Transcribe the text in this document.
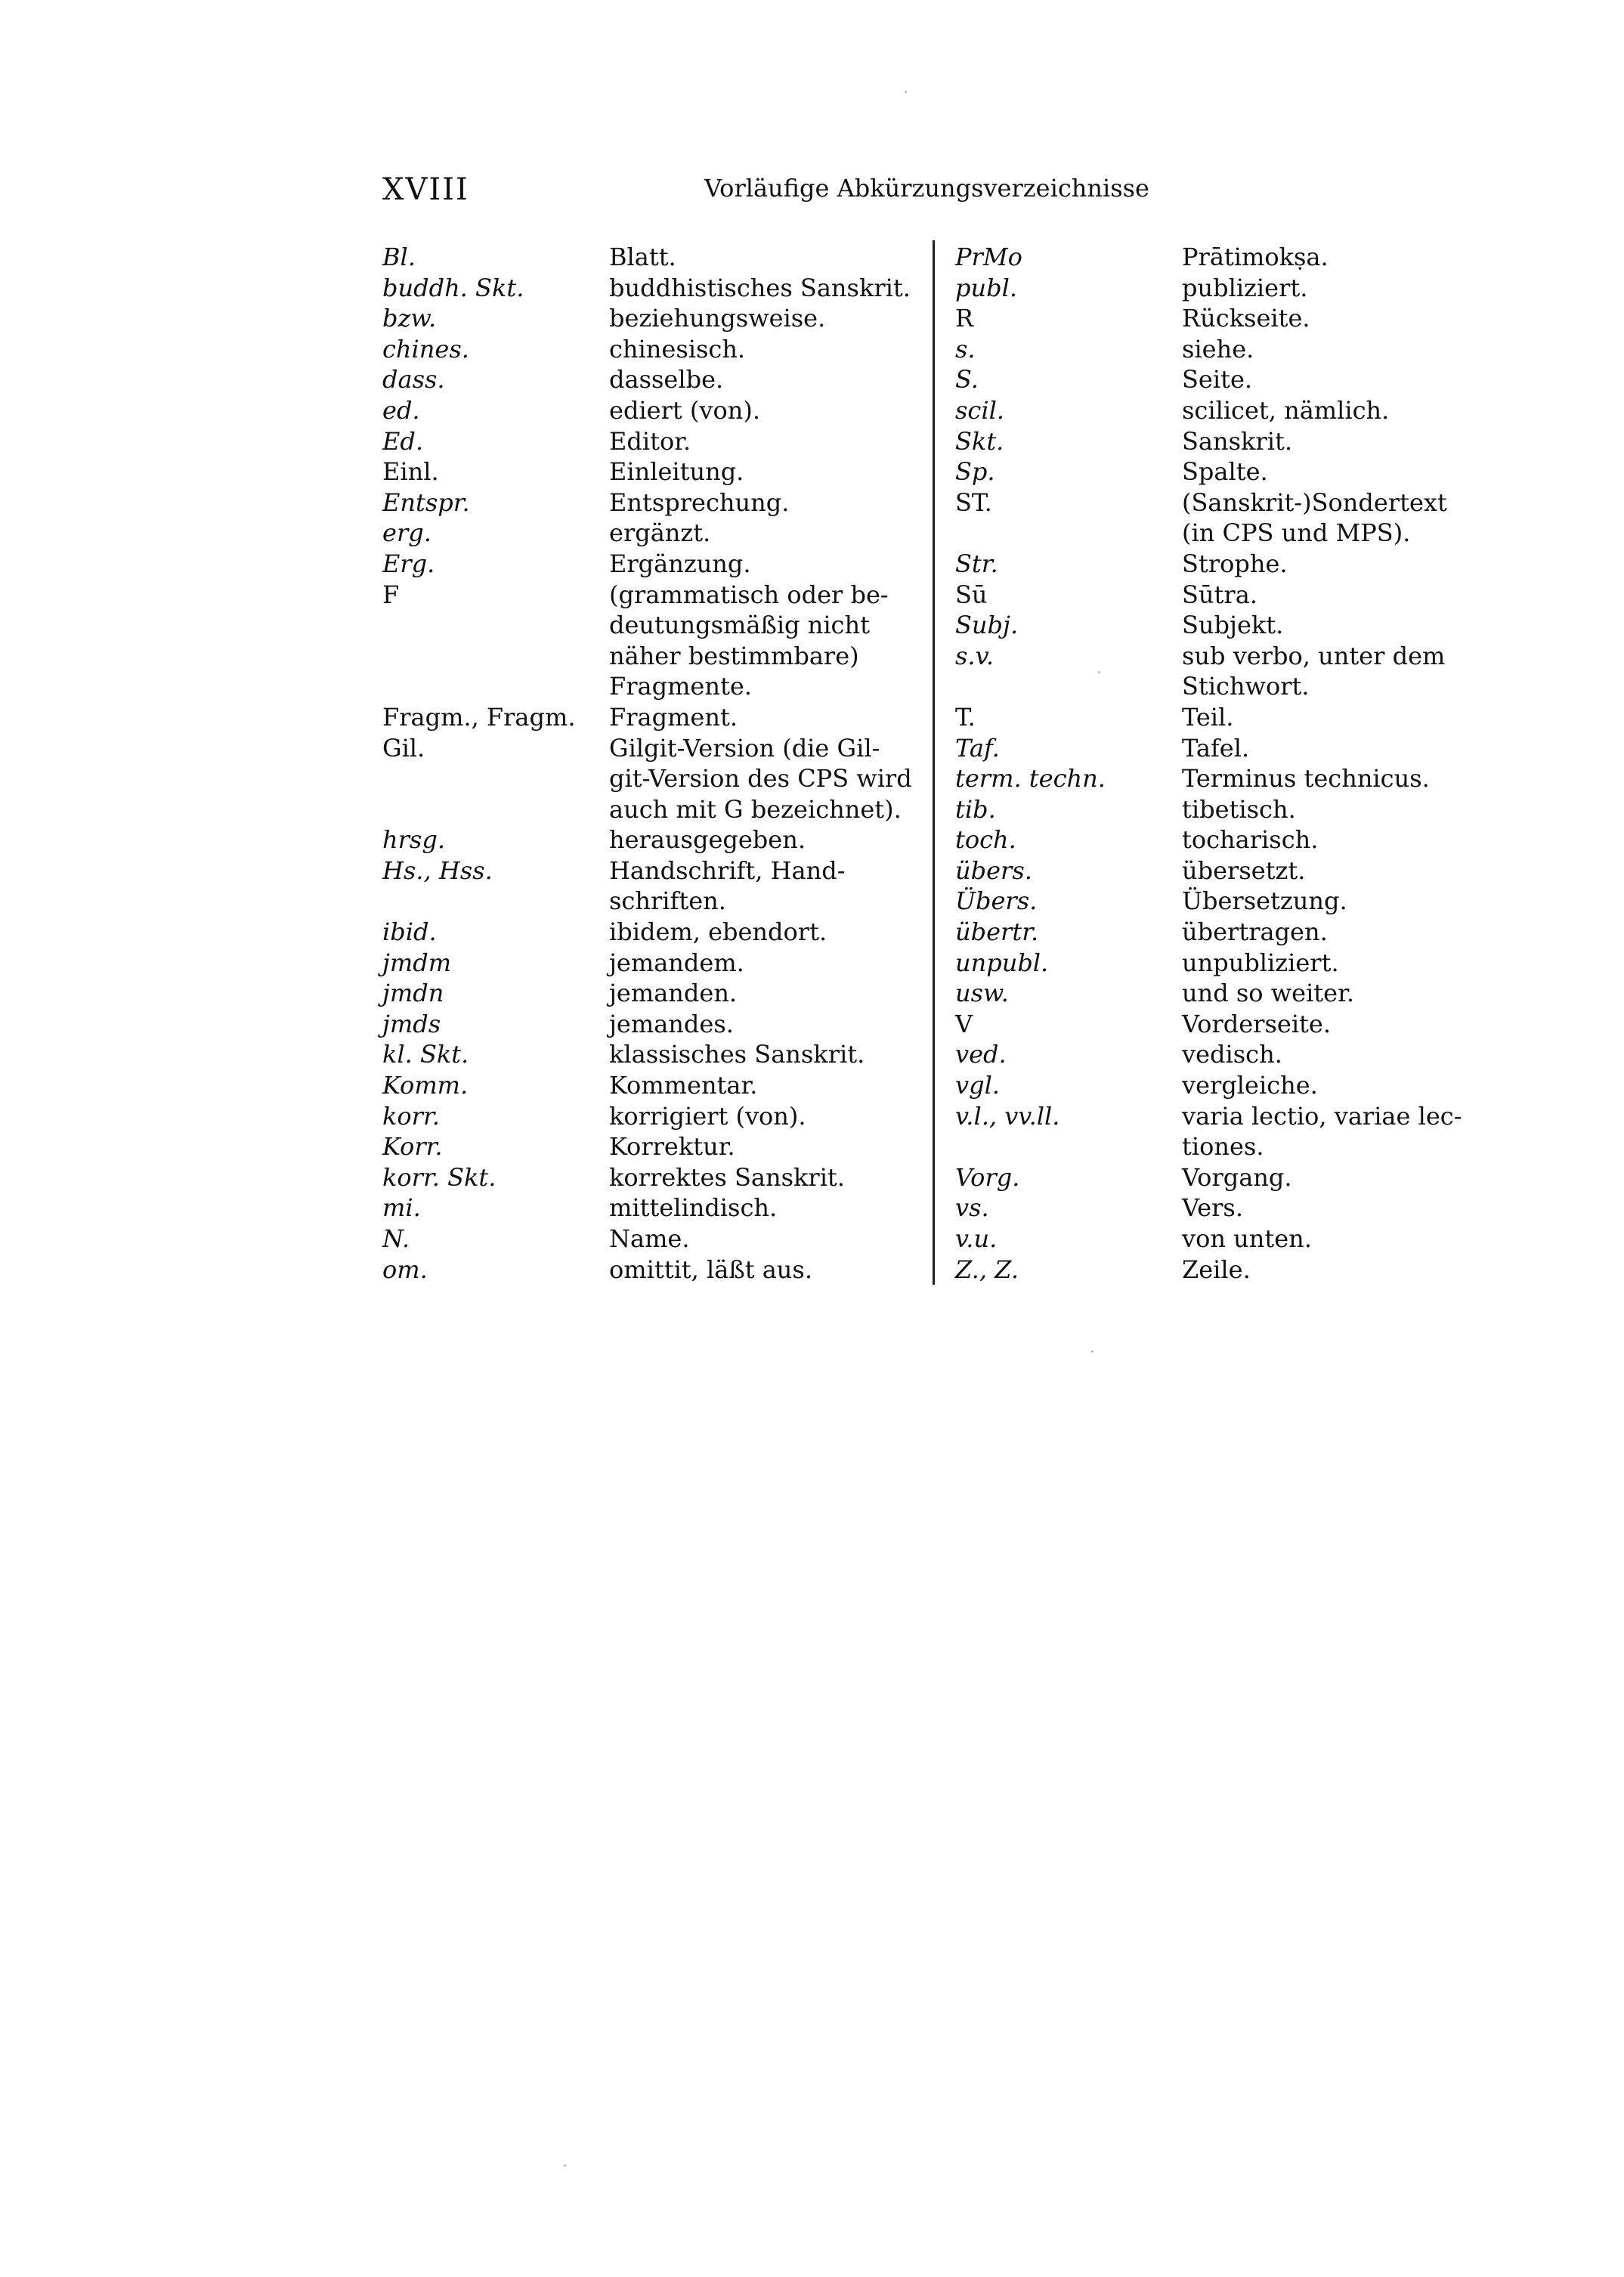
XVIII	Vorläufige Abkürzungsverzeichnisse
Bl.	Blatt.
buddh. Skt.	buddhistisches Sanskrit.
bzw.	beziehungsweise.
chines.	chinesisch.
dass.	dasselbe.
ed.	ediert (von).
Ed.	Editor.
Einl.	Einleitung.
Entspr.	Entsprechung.
erg.	ergänzt.
Erg.	Ergänzung.
F	(grammatisch oder be-
deutungsmäßig nicht
näher bestimmbare)
Fragmente.
Fragm., Fragm.	Fragment.
Gil.	Gilgit-Version (die Gil-
git-Version des CPS wird
auch mit G bezeichnet).
hrsg.	herausgegeben.
Hs., Hss.	Handschrift, Hand-
schriften.
ibid.	ibidem, ebendort.
jmdm	jemandem.
jmdn	jemanden.
jmds	jemandes.
kl. Skt.	klassisches Sanskrit.
Komm.	Kommentar.
korr.	korrigiert (von).
Korr.	Korrektur.
korr. Skt.	korrektes Sanskrit.
mi.	mittelindisch.
N.	Name.
om.	omittit, läßt aus.
PrMo	Prātimokṣa.
publ.	publiziert.
R	Rückseite.
s.	siehe.
S.	Seite.
scil.	scilicet, nämlich.
Skt.	Sanskrit.
Sp.	Spalte.
ST.	(Sanskrit-)Sondertext
(in CPS und MPS).
Str.	Strophe.
Sū	Sūtra.
Subj.	Subjekt.
s.v.	sub verbo, unter dem
Stichwort.
T.	Teil.
Taf.	Tafel.
term. techn.	Terminus technicus.
tib.	tibetisch.
toch.	tocharisch.
übers.	übersetzt.
Übers.	Übersetzung.
übertr.	übertragen.
unpubl.	unpubliziert.
usw.	und so weiter.
V	Vorderseite.
ved.	vedisch.
vgl.	vergleiche.
v.l., vv.ll.	varia lectio, variae lec-
tiones.
Vorg.	Vorgang.
vs.	Vers.
v.u.	von unten.
Z., Z.	Zeile.
